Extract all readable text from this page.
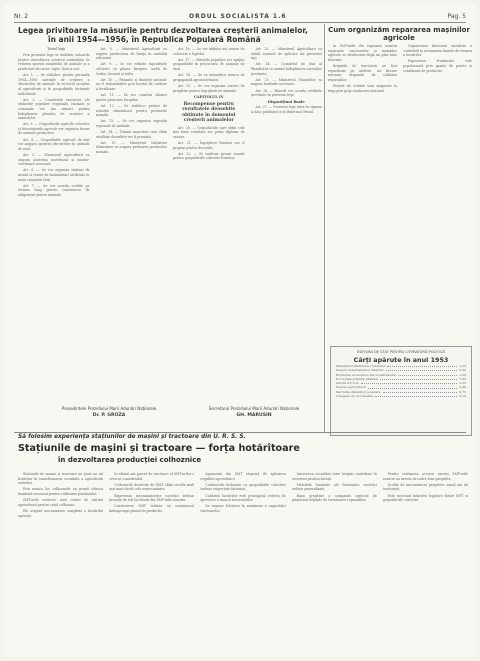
Nr. 2	ORDUL SOCIALISTA 1.6	Pag. 5
Legea privitoare la măsurile pentru dezvoltarea creșterii animalelor,
în anii 1954—1956, în Republica Populară Română

Textul legii

Prin prezenta lege se stabilesc măsurile pentru dezvoltarea creșterii animalelor, în vederea sporirii numărului de animale și a producției de carne, lapte, lână și ouă.

Art. 1. — Se stabilesc pentru perioada 1954—1956 sarcinile de creștere a efectivelor de animale în sectorul socialist al agriculturii și în gospodăriile țărănești individuale.

Art. 2. — Comitetele executive ale sfaturilor populare regionale, raionale și comunale vor lua măsuri pentru îndeplinirea planului de creștere a animalelor.

Art. 3. — Gospodăriile agricole colective și întovărășirile agricole vor organiza ferme de animale productive.

Art. 4. — Gospodăriile agricole de stat vor asigura sporirea efectivelor de animale de rasă.

Art. 5. — Ministerul Agriculturii va asigura asistența zootehnică și sanitar-veterinară necesară.

Art. 6. — Se vor organiza stațiuni de montă și centre de însămânțări artificiale în toate raioanele țării.

Art. 7. — Se vor acorda credite pe termen lung pentru construirea de adăposturi pentru animale.

Art. 8. — Ministerul Agriculturii va asigura producerea de furaje în cantități suficiente.

Art. 9. — Se vor extinde suprafețele cultivate cu plante furajere, iarbă de Sudan, lucernă și trifoi.

Art. 10. — Pășunile și fânețele naturale vor fi îmbunătățite prin lucrări de curățire și fertilizare.

Art. 11. — Se vor construi silozuri pentru păstrarea furajelor.

Art. 12. — Se stabilesc prețuri de achiziție stimulatorii pentru produsele animale.

Art. 13. — Se vor organiza expoziții regionale de animale.

Art. 14. — Țăranii muncitori care obțin rezultate deosebite vor fi premiați.

Art. 15. — Ministerul Industriei Alimentare va asigura preluarea produselor animale.

Art. 16. — Se vor înființa noi centre de colectare a laptelui.

Art. 17. — Sfaturile populare vor sprijini gospodăriile în procurarea de animale de rasă.

Art. 18. — Se va intensifica munca de propagandă agrozootehnică.

Art. 19. — Se vor organiza cursuri de pregătire pentru îngrijitorii de animale.

CAPITOLUL IV

Recompense pentru rezultatele deosebite obținute în domeniul creșterii animalelor

Art. 20. — Gospodăriile care obțin cele mai bune rezultate vor primi diplome de onoare.

Art. 21. — Îngrijitorii fruntași vor fi propuși pentru decorații.

Art. 22. — Se instituie premii anuale pentru gospodăriile colective fruntașe.

Art. 23. — Ministerul Agriculturii va stabili normele de aplicare ale prezentei legi.

Art. 24. — Comitetul de Stat al Planificării va urmări îndeplinirea sarcinilor prevăzute.

Art. 25. — Ministerul Finanțelor va asigura fondurile necesare.

Art. 26. — Băncile vor acorda creditele prevăzute în prezenta lege.

Dispozițiuni finale

Art. 27. — Prezenta lege intră în vigoare la data publicării ei în Buletinul Oficial.

Președintele Prezidiului Marii Adunări Naționale
Dr. P. GROZA
Secretarul Prezidiului Marii Adunări Naționale
GH. MARUSIN
Cum organizăm repararea mașinilor agricole

În SMT-urile din regiunea noastră repararea tractoarelor și mașinilor agricole se desfășoară după un plan bine întocmit.

Brigăzile de tractoriști au fost repartizate pe ateliere, iar fiecare mecanic răspunde de calitatea reparațiilor.

Piesele de schimb sunt asigurate la timp prin grija conducerii stațiunii.

Organizarea întrecerii socialiste a contribuit la terminarea înainte de termen a lucrărilor.

Experiența fruntașilor este popularizată prin gazete de perete și consfătuiri de producție.

EDITURA DE STAT PENTRU LITERATURĂ POLITICĂ
Cărți apărute în anul 1953
Manifestul Partidului Comunist	1,25
Despre materialismul dialectic	0,90
Probleme economice ale socialismului	1,50
Economia politică. Manual	7,00
Istoria P.C.U.S.	5,25
Despre agricultură	3,40
Sarcinile sfaturilor populare	0,75
Culegere de documente	2,10
Să folosim experiența stațiunilor de mașini și tractoare din U. R. S. S.
Stațiunile de mașini și tractoare — forța hotărîtoare
în dezvoltarea producției colhoznice

Stațiunile de mașini și tractoare au jucat un rol hotărîtor în transformarea socialistă a agriculturii sovietice.

Prin munca lor, colhozurile au primit tehnica înaintată necesară pentru cultivarea pământului.

SMT-urile sovietice sunt centre de cultură agrotehnică pentru satul colhoznic.

Ele asigură mecanizarea complexă a lucrărilor agricole.

În ultimii ani parcul de tractoare al SMT-urilor a crescut considerabil.

Colhozurile deservite de SMT obțin recolte mult mai mari decât cele nemecanizate.

Experiența mecanizatorilor sovietici trebuie însușită de toți lucrătorii din SMT-urile noastre.

Conducerea SMT trebuie să urmărească îndeaproape planul de producție.

Agronomii din SMT răspund de aplicarea regulilor agrotehnice.

Contractele încheiate cu gospodăriile colective trebuie respectate întocmai.

Calitatea lucrărilor este principalul criteriu de apreciere a muncii tractoriștilor.

Se impune folosirea la maximum a capacității tractoarelor.

Întrecerea socialistă între brigăzi contribuie la creșterea productivității.

Metodele înaintate ale fruntașilor sovietici trebuie generalizate.

Buna pregătire a campaniei agricole de primăvară depinde de terminarea reparațiilor.

Pentru realizarea acestor sarcini SMT-urile noastre au nevoie de cadre bine pregătite.

Școlile de mecanizatori pregătesc anual mii de tractoriști.

Este necesară întărirea legăturii dintre SMT și gospodăriile colective.
